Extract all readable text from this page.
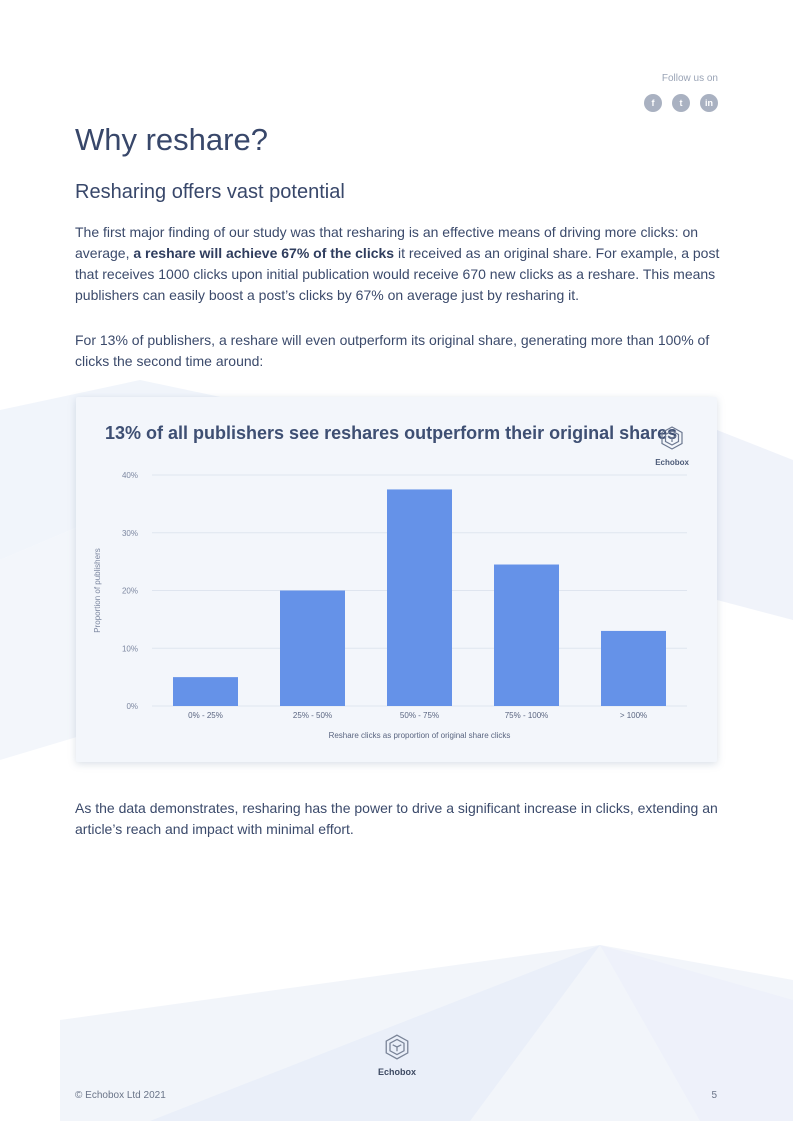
Follow us on
f	t	in
Why reshare?
Resharing offers vast potential

The first major finding of our study was that resharing is an effective means of driving more clicks: on average, a reshare will achieve 67% of the clicks it received as an original share. For example, a post that receives 1000 clicks upon initial publication would receive 670 new clicks as a reshare. This means publishers can easily boost a post’s clicks by 67% on average just by resharing it.

For 13% of publishers, a reshare will even outperform its original share, generating more than 100% of clicks the second time around:

13% of all publishers see reshares outperform their original shares
Echobox
0%
10%
20%
30%
40%
0% - 25%	25% - 50%	50% - 75%	75% - 100%	> 100%
Reshare clicks as proportion of original share clicks
Proportion of publishers

As the data demonstrates, resharing has the power to drive a significant increase in clicks, extending an article’s reach and impact with minimal effort.

Echobox
© Echobox Ltd 2021	5
